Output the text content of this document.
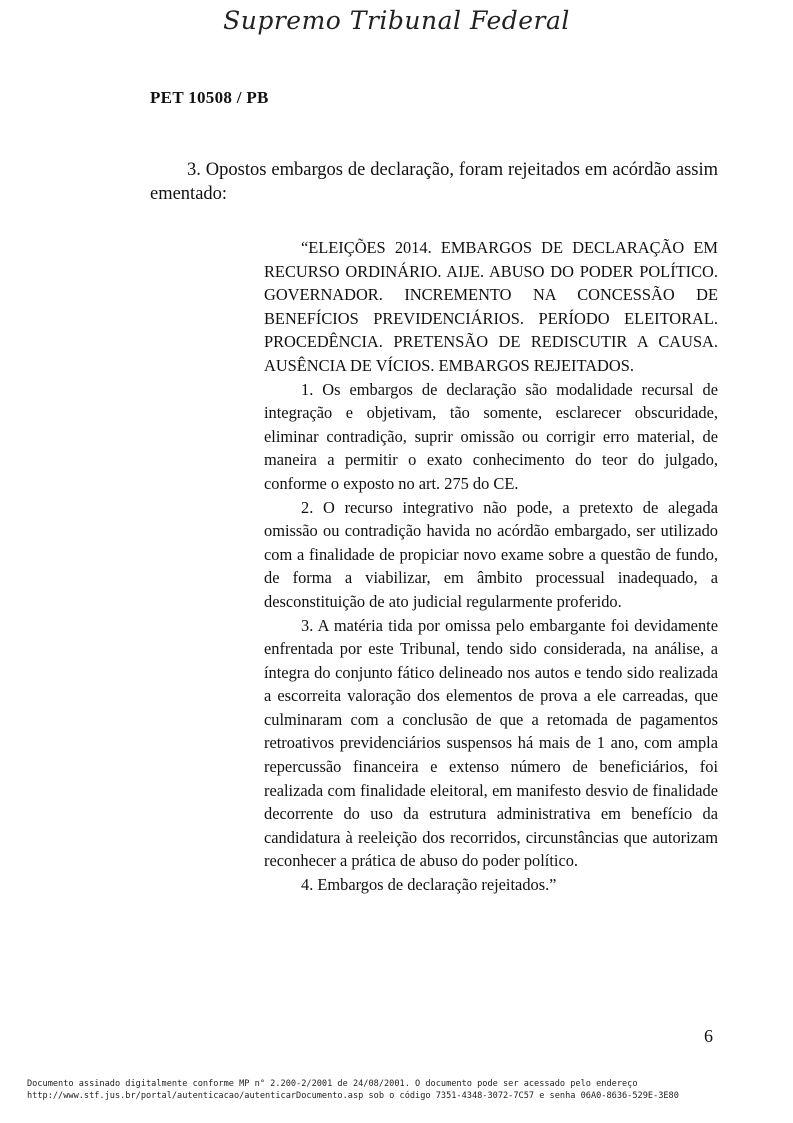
Supremo Tribunal Federal
PET 10508 / PB

3. Opostos embargos de declaração, foram rejeitados em acórdão assim ementado:

“ELEIÇÕES 2014. EMBARGOS DE DECLARAÇÃO EM RECURSO ORDINÁRIO. AIJE. ABUSO DO PODER POLÍTICO. GOVERNADOR. INCREMENTO NA CONCESSÃO DE BENEFÍCIOS PREVIDENCIÁRIOS. PERÍODO ELEITORAL. PROCEDÊNCIA. PRETENSÃO DE REDISCUTIR A CAUSA. AUSÊNCIA DE VÍCIOS. EMBARGOS REJEITADOS.

1. Os embargos de declaração são modalidade recursal de integração e objetivam, tão somente, esclarecer obscuridade, eliminar contradição, suprir omissão ou corrigir erro material, de maneira a permitir o exato conhecimento do teor do julgado, conforme o exposto no art. 275 do CE.

2. O recurso integrativo não pode, a pretexto de alegada omissão ou contradição havida no acórdão embargado, ser utilizado com a finalidade de propiciar novo exame sobre a questão de fundo, de forma a viabilizar, em âmbito processual inadequado, a desconstituição de ato judicial regularmente proferido.

3. A matéria tida por omissa pelo embargante foi devidamente enfrentada por este Tribunal, tendo sido considerada, na análise, a íntegra do conjunto fático delineado nos autos e tendo sido realizada a escorreita valoração dos elementos de prova a ele carreadas, que culminaram com a conclusão de que a retomada de pagamentos retroativos previdenciários suspensos há mais de 1 ano, com ampla repercussão financeira e extenso número de beneficiários, foi realizada com finalidade eleitoral, em manifesto desvio de finalidade decorrente do uso da estrutura administrativa em benefício da candidatura à reeleição dos recorridos, circunstâncias que autorizam reconhecer a prática de abuso do poder político.

4. Embargos de declaração rejeitados.”

6
Documento assinado digitalmente conforme MP n° 2.200-2/2001 de 24/08/2001. O documento pode ser acessado pelo endereço
http://www.stf.jus.br/portal/autenticacao/autenticarDocumento.asp sob o código 7351-4348-3072-7C57 e senha 06A0-8636-529E-3E80
